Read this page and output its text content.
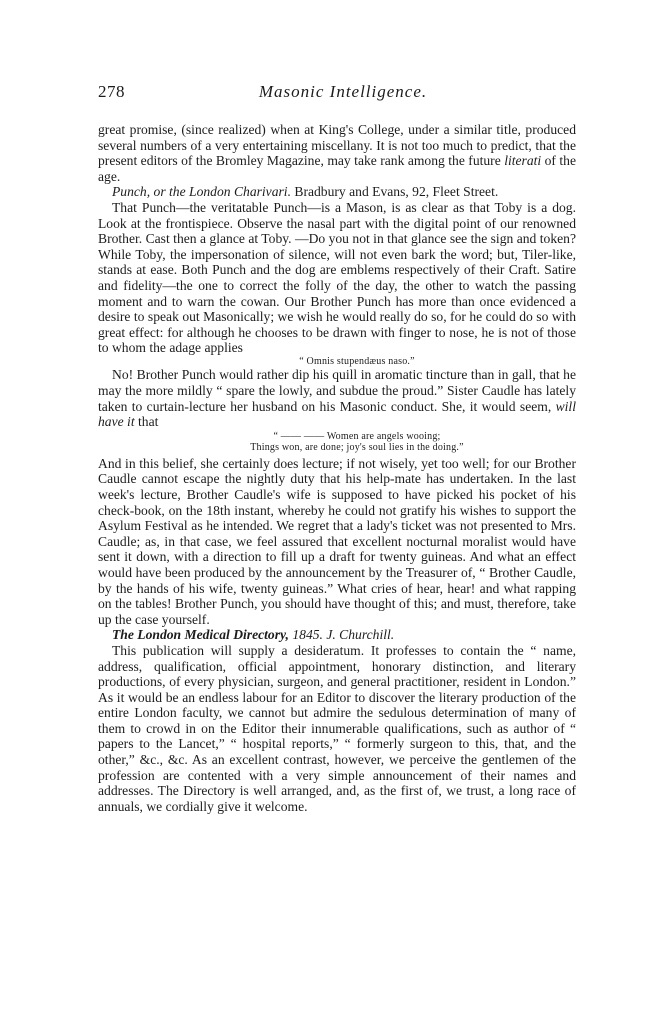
278	Masonic Intelligence.

great promise, (since realized) when at King's College, under a similar title, produced several numbers of a very entertaining miscellany. It is not too much to predict, that the present editors of the Bromley Magazine, may take rank among the future literati of the age.

Punch, or the London Charivari. Bradbury and Evans, 92, Fleet Street.

That Punch—the veritatable Punch—is a Mason, is as clear as that Toby is a dog. Look at the frontispiece. Observe the nasal part with the digital point of our renowned Brother. Cast then a glance at Toby. —Do you not in that glance see the sign and token? While Toby, the impersonation of silence, will not even bark the word; but, Tiler-like, stands at ease. Both Punch and the dog are emblems respectively of their Craft. Satire and fidelity—the one to correct the folly of the day, the other to watch the passing moment and to warn the cowan. Our Brother Punch has more than once evidenced a desire to speak out Masonically; we wish he would really do so, for he could do so with great effect: for although he chooses to be drawn with finger to nose, he is not of those to whom the adage applies

“ Omnis stupendæus naso.”

No! Brother Punch would rather dip his quill in aromatic tincture than in gall, that he may the more mildly “ spare the lowly, and subdue the proud.” Sister Caudle has lately taken to curtain-lecture her husband on his Masonic conduct. She, it would seem, will have it that

“ —— —— Women are angels wooing;
Things won, are done; joy's soul lies in the doing.”

And in this belief, she certainly does lecture; if not wisely, yet too well; for our Brother Caudle cannot escape the nightly duty that his help-mate has undertaken. In the last week's lecture, Brother Caudle's wife is supposed to have picked his pocket of his check-book, on the 18th instant, whereby he could not gratify his wishes to support the Asylum Festival as he intended. We regret that a lady's ticket was not presented to Mrs. Caudle; as, in that case, we feel assured that excellent nocturnal moralist would have sent it down, with a direction to fill up a draft for twenty guineas. And what an effect would have been produced by the announcement by the Treasurer of, “ Brother Caudle, by the hands of his wife, twenty guineas.” What cries of hear, hear! and what rapping on the tables! Brother Punch, you should have thought of this; and must, therefore, take up the case yourself.

The London Medical Directory, 1845. J. Churchill.

This publication will supply a desideratum. It professes to contain the “ name, address, qualification, official appointment, honorary distinction, and literary productions, of every physician, surgeon, and general practitioner, resident in London.” As it would be an endless labour for an Editor to discover the literary production of the entire London faculty, we cannot but admire the sedulous determination of many of them to crowd in on the Editor their innumerable qualifications, such as author of “ papers to the Lancet,” “ hospital reports,” “ formerly surgeon to this, that, and the other,” &c., &c. As an excellent contrast, however, we perceive the gentlemen of the profession are contented with a very simple announcement of their names and addresses. The Directory is well arranged, and, as the first of, we trust, a long race of annuals, we cordially give it welcome.
